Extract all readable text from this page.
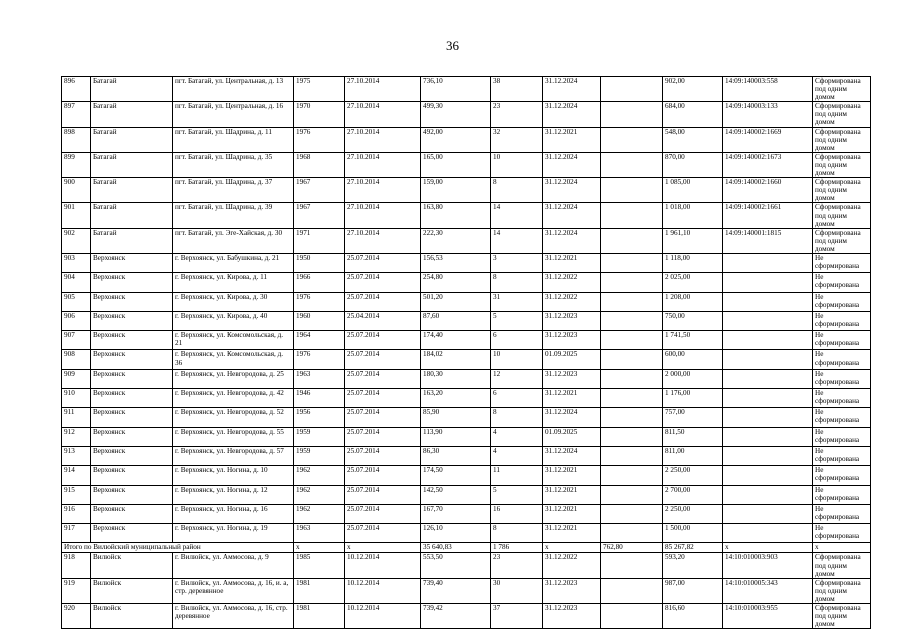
36
896	Батагай	пгт. Батагай, ул. Центральная, д. 13	1975	27.10.2014	736,10	38	31.12.2024		902,00	14:09:140003:558	Сформирована под одним домом
897	Батагай	пгт. Батагай, ул. Центральная, д. 16	1970	27.10.2014	499,30	23	31.12.2024		684,00	14:09:140003:133	Сформирована под одним домом
898	Батагай	пгт. Батагай, ул. Шадрина, д. 11	1976	27.10.2014	492,00	32	31.12.2021		548,00	14:09:140002:1669	Сформирована под одним домом
899	Батагай	пгт. Батагай, ул. Шадрина, д. 35	1968	27.10.2014	165,00	10	31.12.2024		870,00	14:09:140002:1673	Сформирована под одним домом
900	Батагай	пгт. Батагай, ул. Шадрина, д. 37	1967	27.10.2014	159,00	8	31.12.2024		1 085,00	14:09:140002:1660	Сформирована под одним домом
901	Батагай	пгт. Батагай, ул. Шадрина, д. 39	1967	27.10.2014	163,80	14	31.12.2024		1 018,00	14:09:140002:1661	Сформирована под одним домом
902	Батагай	пгт. Батагай, ул. Эге-Хайская, д. 30	1971	27.10.2014	222,30	14	31.12.2024		1 961,10	14:09:140001:1815	Сформирована под одним домом
903	Верхоянск	г. Верхоянск, ул. Бабушкина, д. 21	1950	25.07.2014	156,53	3	31.12.2021		1 118,00		Не сформирована
904	Верхоянск	г. Верхоянск, ул. Кирова, д. 11	1966	25.07.2014	254,80	8	31.12.2022		2 025,00		Не сформирована
905	Верхоянск	г. Верхоянск, ул. Кирова, д. 30	1976	25.07.2014	501,20	31	31.12.2022		1 208,00		Не сформирована
906	Верхоянск	г. Верхоянск, ул. Кирова, д. 40	1960	25.04.2014	87,60	5	31.12.2023		750,00		Не сформирована
907	Верхоянск	г. Верхоянск, ул. Комсомольская, д. 21	1964	25.07.2014	174,40	6	31.12.2023		1 741,50		Не сформирована
908	Верхоянск	г. Верхоянск, ул. Комсомольская, д. 36	1976	25.07.2014	184,02	10	01.09.2025		600,00		Не сформирована
909	Верхоянск	г. Верхоянск, ул. Невгородова, д. 25	1963	25.07.2014	180,30	12	31.12.2023		2 000,00		Не сформирована
910	Верхоянск	г. Верхоянск, ул. Невгородова, д. 42	1946	25.07.2014	163,20	6	31.12.2021		1 176,00		Не сформирована
911	Верхоянск	г. Верхоянск, ул. Невгородова, д. 52	1956	25.07.2014	85,90	8	31.12.2024		757,00		Не сформирована
912	Верхоянск	г. Верхоянск, ул. Невгородова, д. 55	1959	25.07.2014	113,90	4	01.09.2025		811,50		Не сформирована
913	Верхоянск	г. Верхоянск, ул. Невгородова, д. 57	1959	25.07.2014	86,30	4	31.12.2024		811,00		Не сформирована
914	Верхоянск	г. Верхоянск, ул. Ногина, д. 10	1962	25.07.2014	174,50	11	31.12.2021		2 250,00		Не сформирована
915	Верхоянск	г. Верхоянск, ул. Ногина, д. 12	1962	25.07.2014	142,50	5	31.12.2021		2 700,00		Не сформирована
916	Верхоянск	г. Верхоянск, ул. Ногина, д. 16	1962	25.07.2014	167,70	16	31.12.2021		2 250,00		Не сформирована
917	Верхоянск	г. Верхоянск, ул. Ногина, д. 19	1963	25.07.2014	126,10	8	31.12.2021		1 500,00		Не сформирована
Итого по Вилюйский муниципальный район			х	х	35 640,83	1 786	х	762,80	85 267,82	х	х
918	Вилюйск	г. Вилюйск, ул. Аммосова, д. 9	1985	10.12.2014	553,50	23	31.12.2022		593,20	14:10:010003:903	Сформирована под одним домом
919	Вилюйск	г. Вилюйск, ул. Аммосова, д. 16, и. а, стр. деревянное	1981	10.12.2014	739,40	30	31.12.2023		987,00	14:10:010005:343	Сформирована под одним домом
920	Вилюйск	г. Вилюйск, ул. Аммосова, д. 16, стр. деревянное	1981	10.12.2014	739,42	37	31.12.2023		816,60	14:10:010003:955	Сформирована под одним домом
